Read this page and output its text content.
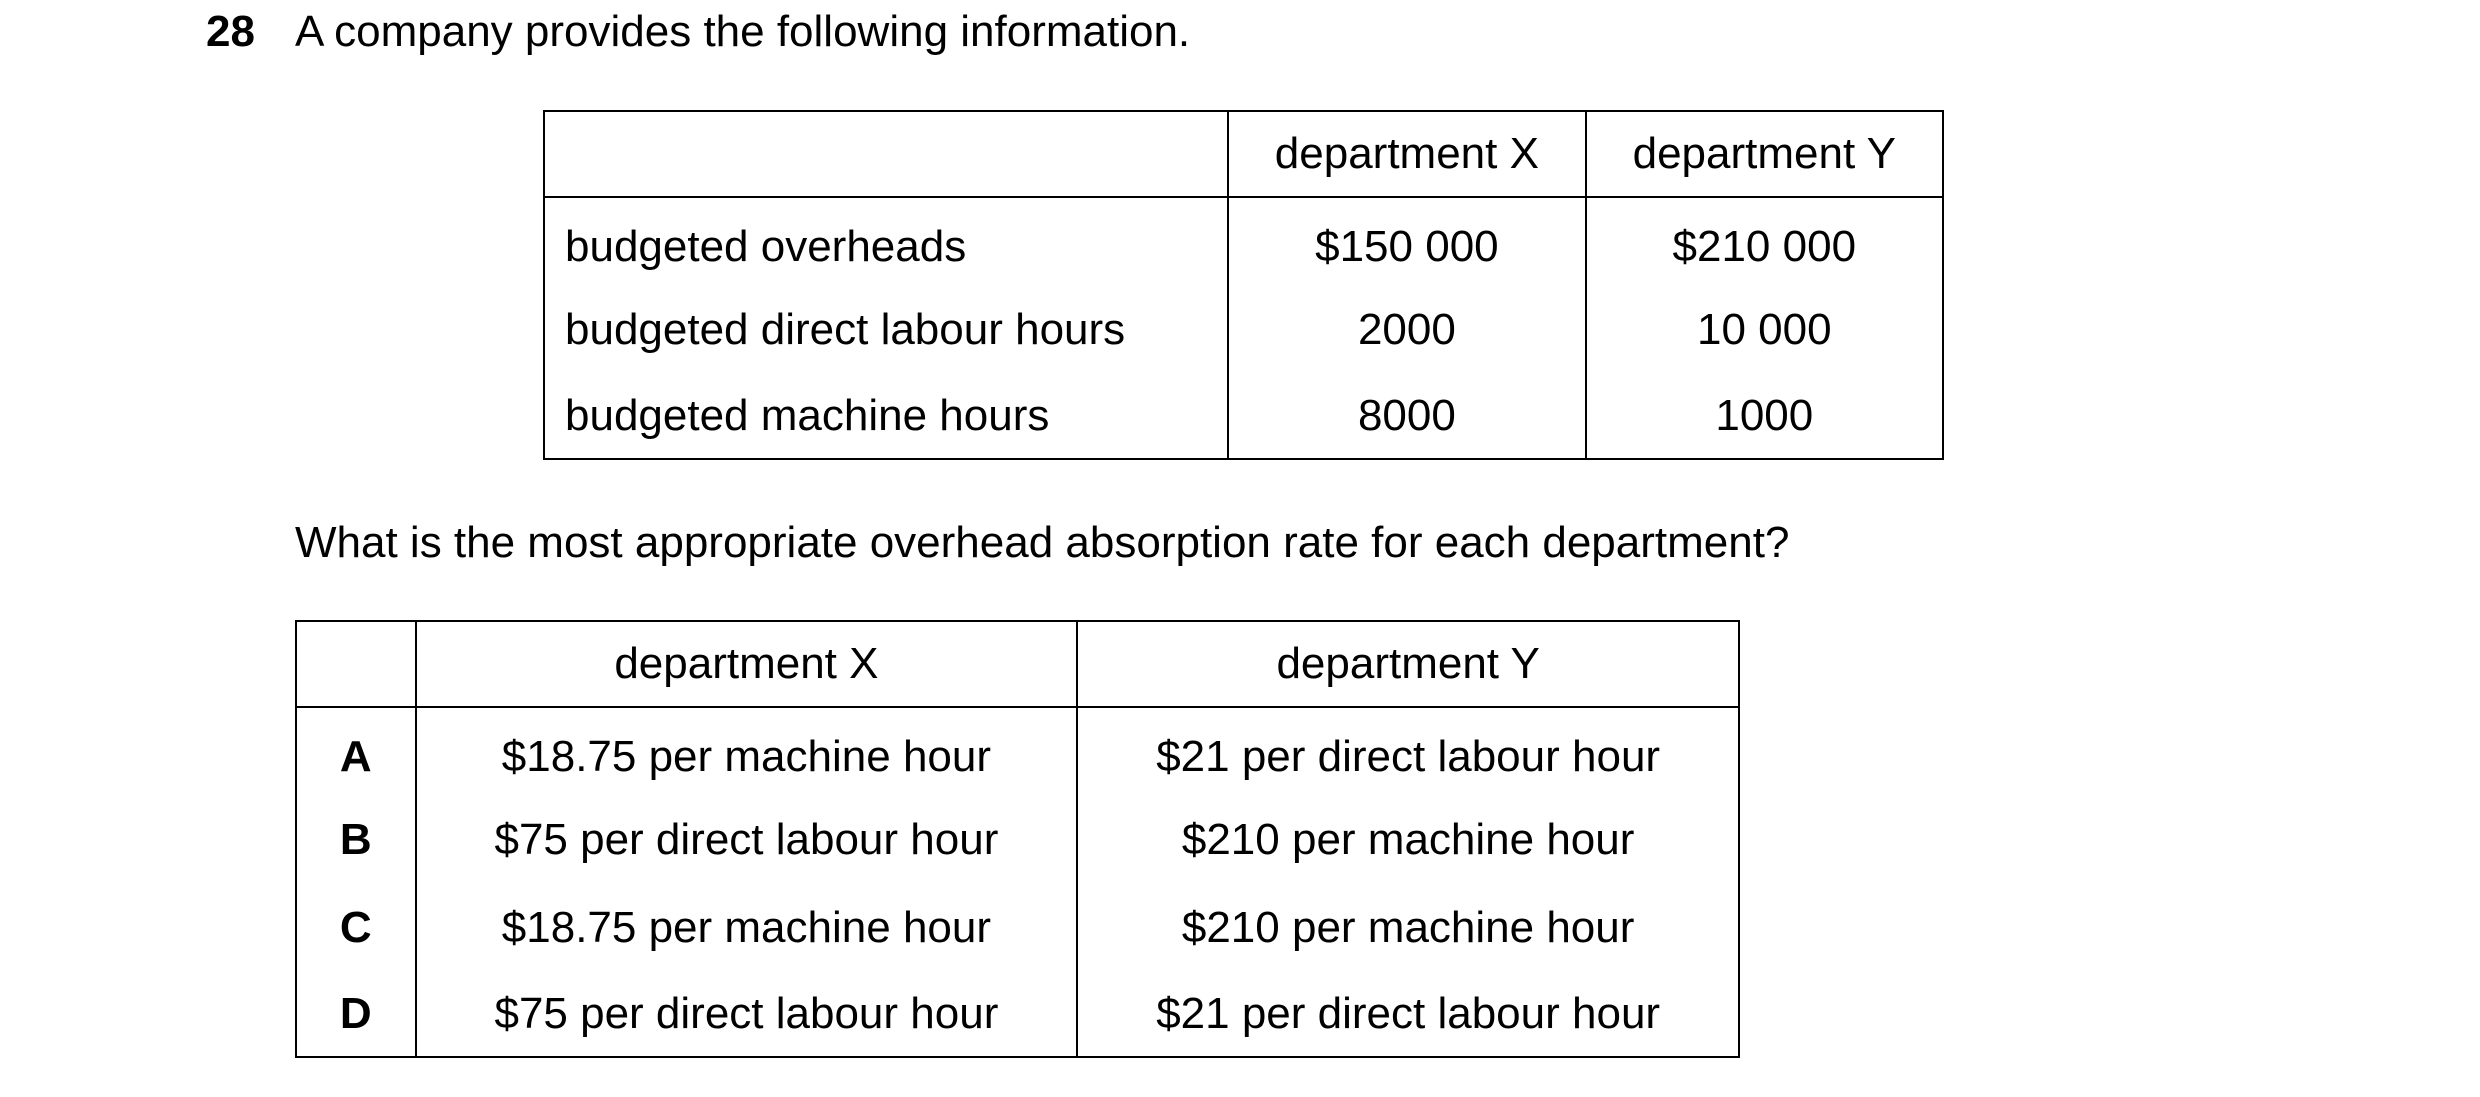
28 A company provides the following information.
	department X	department Y
budgeted overheads	$150 000	$210 000
budgeted direct labour hours	2000	10 000
budgeted machine hours	8000	1000
What is the most appropriate overhead absorption rate for each department?
	department X	department Y
A	$18.75 per machine hour	$21 per direct labour hour
B	$75 per direct labour hour	$210 per machine hour
C	$18.75 per machine hour	$210 per machine hour
D	$75 per direct labour hour	$21 per direct labour hour
